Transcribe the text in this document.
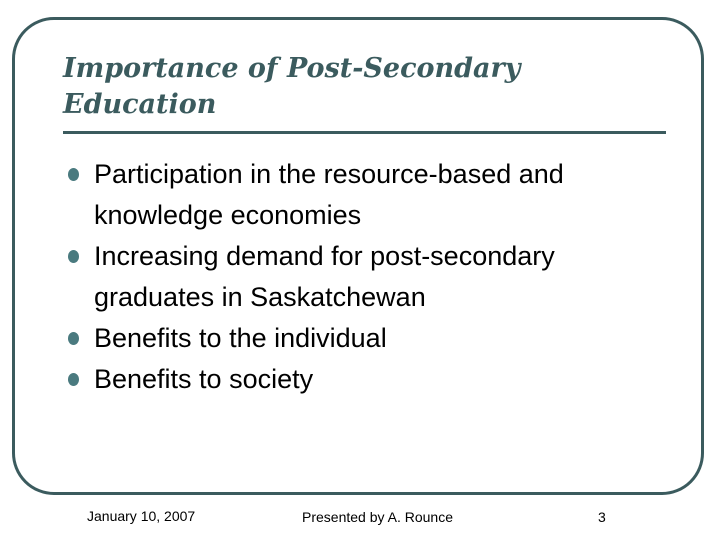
Importance of Post-Secondary
Education
Participation in the resource-based and
knowledge economies
Increasing demand for post-secondary
graduates in Saskatchewan
Benefits to the individual
Benefits to society
January 10, 2007	Presented by A. Rounce	3
